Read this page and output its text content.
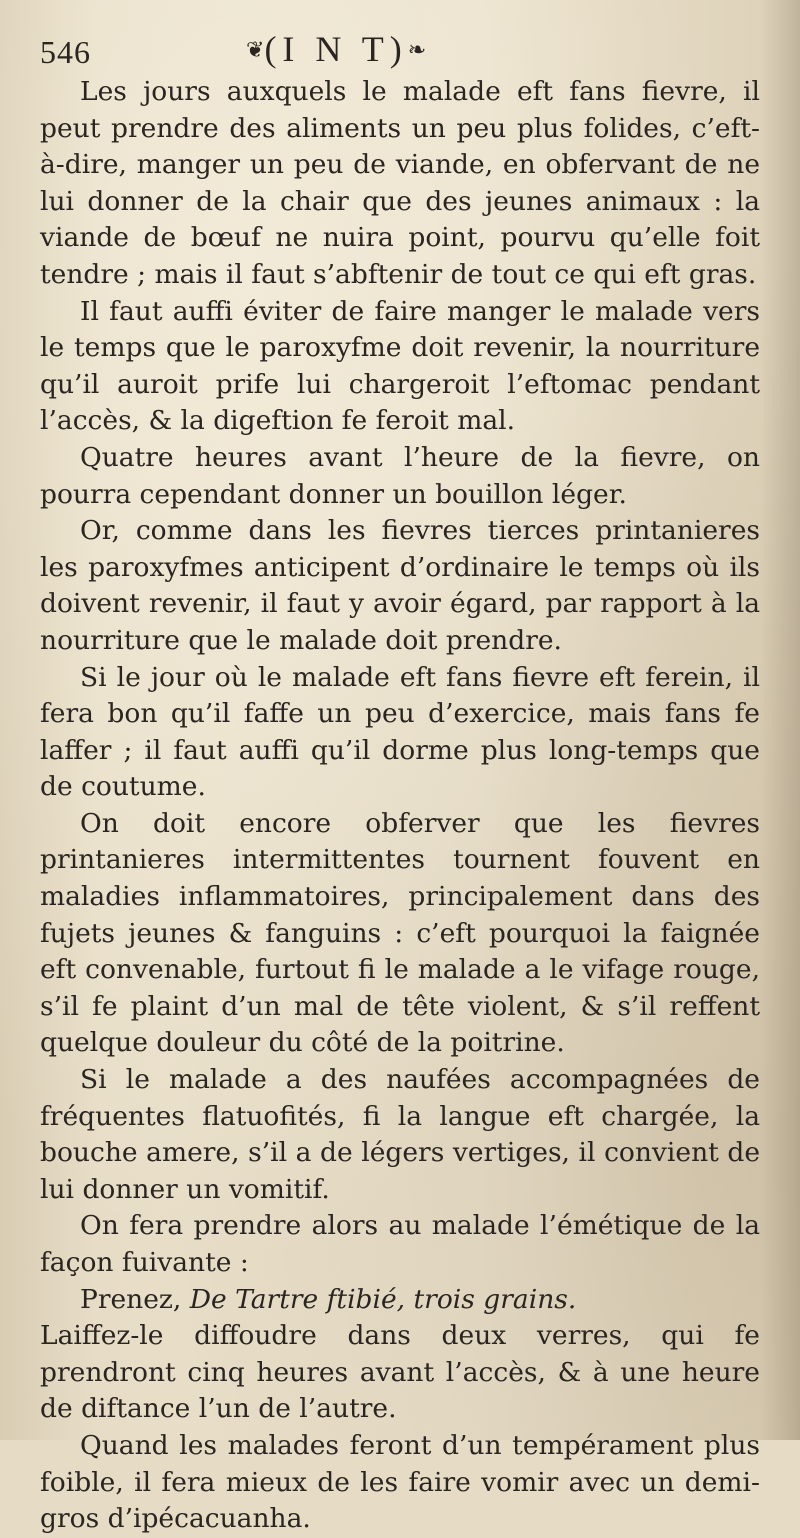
546	❦(I N T)❧

Les jours auxquels le malade eft fans fievre, il peut prendre des aliments un peu plus folides, c’eft-à-dire, manger un peu de viande, en obfervant de ne lui donner de la chair que des jeunes animaux : la viande de bœuf ne nuira point, pourvu qu’elle foit tendre ; mais il faut s’abftenir de tout ce qui eft gras.

Il faut auffi éviter de faire manger le malade vers le temps que le paroxyfme doit revenir, la nourriture qu’il auroit prife lui chargeroit l’eftomac pendant l’accès, & la digeftion fe feroit mal.

Quatre heures avant l’heure de la fievre, on pourra cependant donner un bouillon léger.

Or, comme dans les fievres tierces printanieres les paroxyfmes anticipent d’ordinaire le temps où ils doivent revenir, il faut y avoir égard, par rapport à la nourriture que le malade doit prendre.

Si le jour où le malade eft fans fievre eft ferein, il fera bon qu’il faffe un peu d’exercice, mais fans fe laffer ; il faut auffi qu’il dorme plus long-temps que de coutume.

On doit encore obferver que les fievres printanieres intermittentes tournent fouvent en maladies inflammatoires, principalement dans des fujets jeunes & fanguins : c’eft pourquoi la faignée eft convenable, furtout fi le malade a le vifage rouge, s’il fe plaint d’un mal de tête violent, & s’il reffent quelque douleur du côté de la poitrine.

Si le malade a des naufées accompagnées de fréquentes flatuofités, fi la langue eft chargée, la bouche amere, s’il a de légers vertiges, il convient de lui donner un vomitif.

On fera prendre alors au malade l’émétique de la façon fuivante :

Prenez, De Tartre ftibié, trois grains.

Laiffez-le diffoudre dans deux verres, qui fe prendront cinq heures avant l’accès, & à une heure de diftance l’un de l’autre.

Quand les malades feront d’un tempérament plus foible, il fera mieux de les faire vomir avec un demi-gros d’ipécacuanha.
